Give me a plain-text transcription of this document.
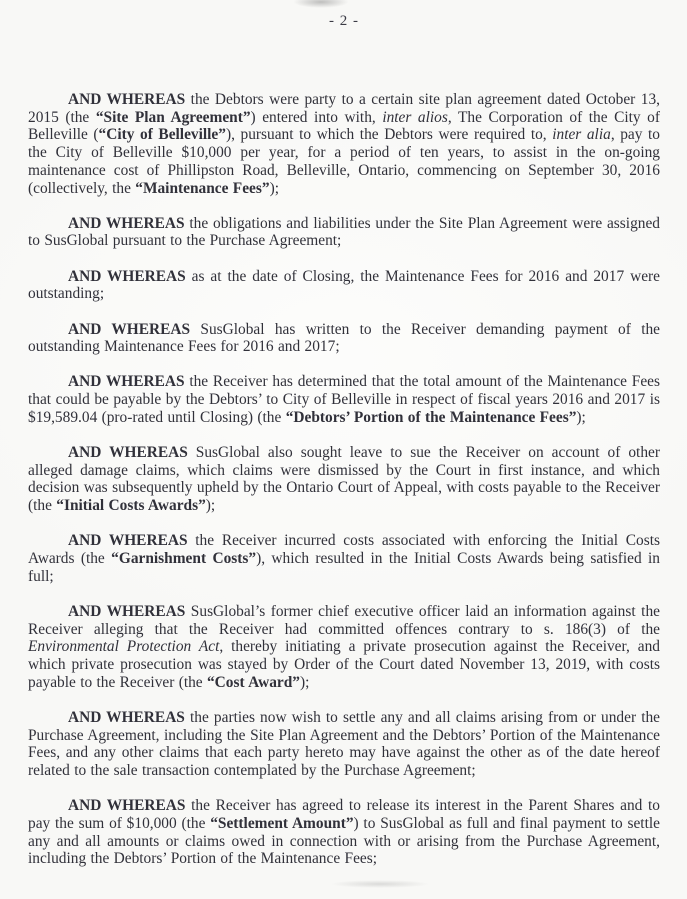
- 2 -

AND WHEREAS the Debtors were party to a certain site plan agreement dated October 13, 2015 (the “Site Plan Agreement”) entered into with, inter alios, The Corporation of the City of Belleville (“City of Belleville”), pursuant to which the Debtors were required to, inter alia, pay to the City of Belleville $10,000 per year, for a period of ten years, to assist in the on-going maintenance cost of Phillipston Road, Belleville, Ontario, commencing on September 30, 2016 (collectively, the “Maintenance Fees”);

AND WHEREAS the obligations and liabilities under the Site Plan Agreement were assigned to SusGlobal pursuant to the Purchase Agreement;

AND WHEREAS as at the date of Closing, the Maintenance Fees for 2016 and 2017 were outstanding;

AND WHEREAS SusGlobal has written to the Receiver demanding payment of the outstanding Maintenance Fees for 2016 and 2017;

AND WHEREAS the Receiver has determined that the total amount of the Maintenance Fees that could be payable by the Debtors’ to City of Belleville in respect of fiscal years 2016 and 2017 is $19,589.04 (pro-rated until Closing) (the “Debtors’ Portion of the Maintenance Fees”);

AND WHEREAS SusGlobal also sought leave to sue the Receiver on account of other alleged damage claims, which claims were dismissed by the Court in first instance, and which decision was subsequently upheld by the Ontario Court of Appeal, with costs payable to the Receiver (the “Initial Costs Awards”);

AND WHEREAS the Receiver incurred costs associated with enforcing the Initial Costs Awards (the “Garnishment Costs”), which resulted in the Initial Costs Awards being satisfied in full;

AND WHEREAS SusGlobal’s former chief executive officer laid an information against the Receiver alleging that the Receiver had committed offences contrary to s. 186(3) of the Environmental Protection Act, thereby initiating a private prosecution against the Receiver, and which private prosecution was stayed by Order of the Court dated November 13, 2019, with costs payable to the Receiver (the “Cost Award”);

AND WHEREAS the parties now wish to settle any and all claims arising from or under the Purchase Agreement, including the Site Plan Agreement and the Debtors’ Portion of the Maintenance Fees, and any other claims that each party hereto may have against the other as of the date hereof related to the sale transaction contemplated by the Purchase Agreement;

AND WHEREAS the Receiver has agreed to release its interest in the Parent Shares and to pay the sum of $10,000 (the “Settlement Amount”) to SusGlobal as full and final payment to settle any and all amounts or claims owed in connection with or arising from the Purchase Agreement, including the Debtors’ Portion of the Maintenance Fees;
